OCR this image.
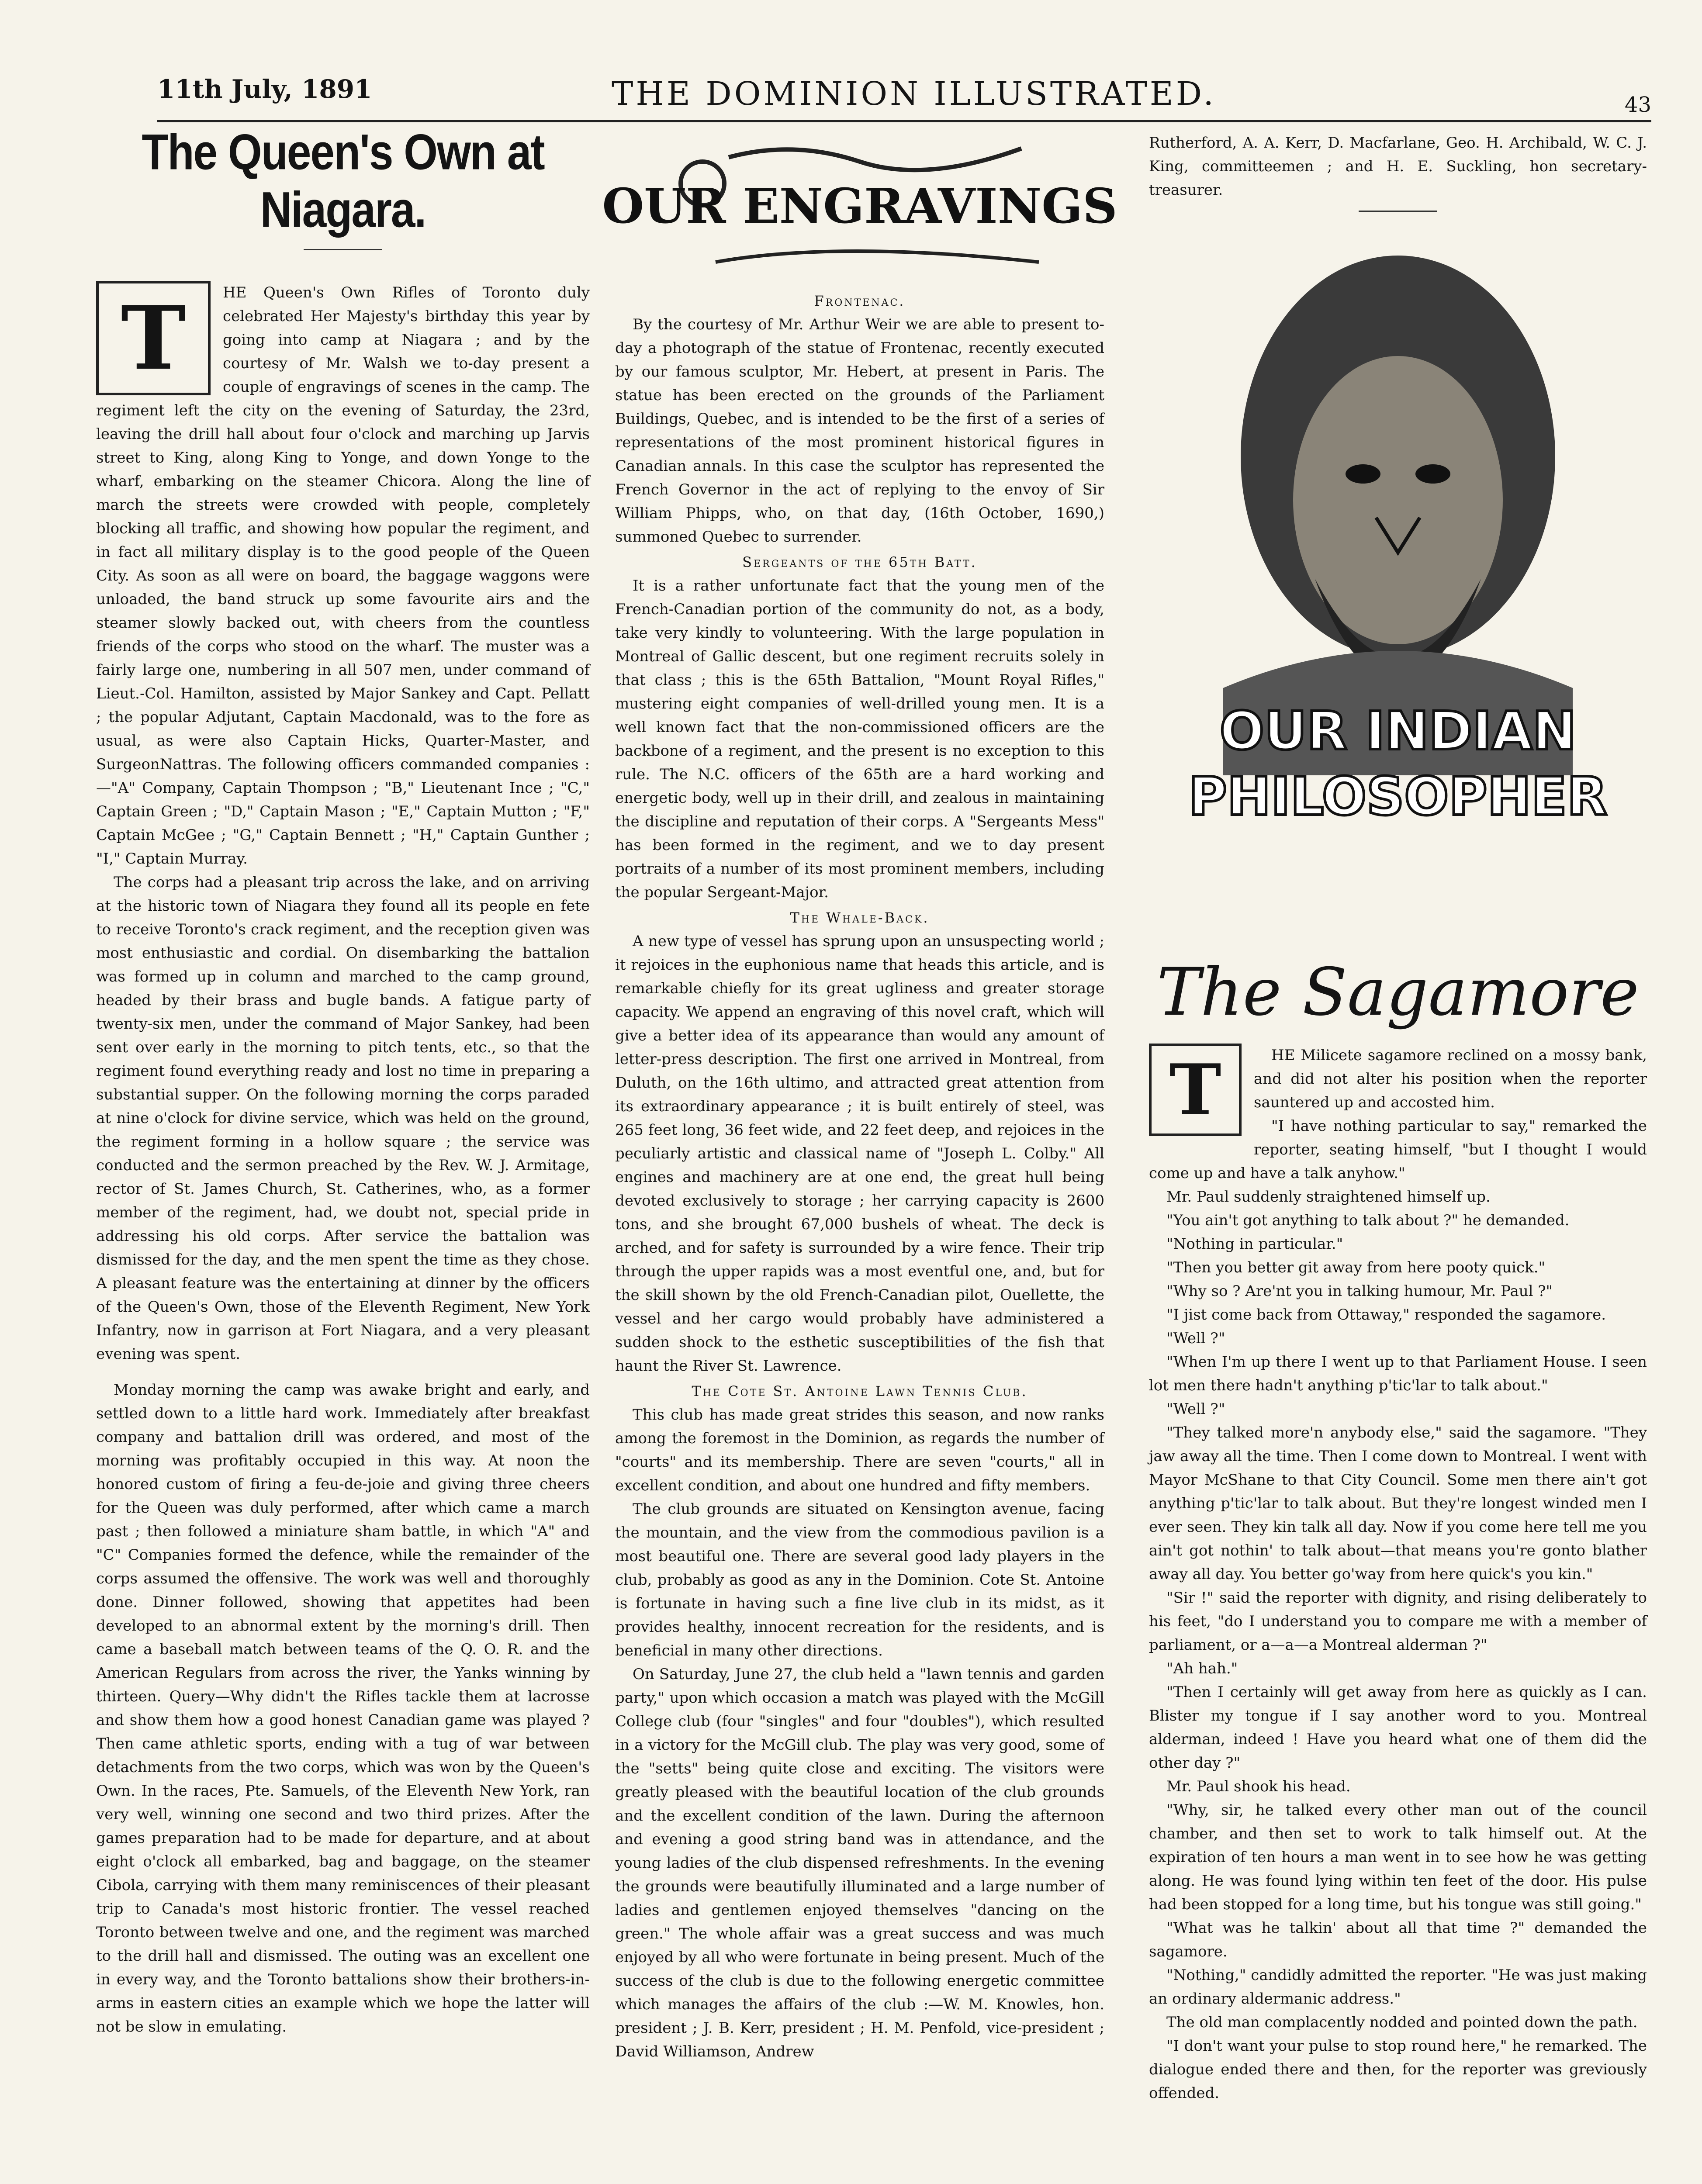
11th July, 1891	THE DOMINION ILLUSTRATED.	43
The Queen's Own at Niagara.
T	HE Queen's Own Rifles of Toronto duly celebrated Her Majesty's birthday this year by going into camp at Niagara ; and by the courtesy of Mr. Walsh we to-day present a couple of engravings of scenes in the camp. The regiment left the city on the evening of Saturday, the 23rd, leaving the drill hall about four o'clock and marching up Jarvis street to King, along King to Yonge, and down Yonge to the wharf, embarking on the steamer Chicora. Along the line of march the streets were crowded with people, completely blocking all traffic, and showing how popular the regiment, and in fact all military display is to the good people of the Queen City. As soon as all were on board, the baggage waggons were unloaded, the band struck up some favourite airs and the steamer slowly backed out, with cheers from the countless friends of the corps who stood on the wharf. The muster was a fairly large one, numbering in all 507 men, under command of Lieut.-Col. Hamilton, assisted by Major Sankey and Capt. Pellatt ; the popular Adjutant, Captain Macdonald, was to the fore as usual, as were also Captain Hicks, Quarter-Master, and SurgeonNattras. The following officers commanded companies :—"A" Company, Captain Thompson ; "B," Lieutenant Ince ; "C," Captain Green ; "D," Captain Mason ; "E," Captain Mutton ; "F," Captain McGee ; "G," Captain Bennett ; "H," Captain Gunther ; "I," Captain Murray.

The corps had a pleasant trip across the lake, and on arriving at the historic town of Niagara they found all its people en fete to receive Toronto's crack regiment, and the reception given was most enthusiastic and cordial. On disembarking the battalion was formed up in column and marched to the camp ground, headed by their brass and bugle bands. A fatigue party of twenty-six men, under the command of Major Sankey, had been sent over early in the morning to pitch tents, etc., so that the regiment found everything ready and lost no time in preparing a substantial supper. On the following morning the corps paraded at nine o'clock for divine service, which was held on the ground, the regiment forming in a hollow square ; the service was conducted and the sermon preached by the Rev. W. J. Armitage, rector of St. James Church, St. Catherines, who, as a former member of the regiment, had, we doubt not, special pride in addressing his old corps. After service the battalion was dismissed for the day, and the men spent the time as they chose. A pleasant feature was the entertaining at dinner by the officers of the Queen's Own, those of the Eleventh Regiment, New York Infantry, now in garrison at Fort Niagara, and a very pleasant evening was spent.

Monday morning the camp was awake bright and early, and settled down to a little hard work. Immediately after breakfast company and battalion drill was ordered, and most of the morning was profitably occupied in this way. At noon the honored custom of firing a feu-de-joie and giving three cheers for the Queen was duly performed, after which came a march past ; then followed a miniature sham battle, in which "A" and "C" Companies formed the defence, while the remainder of the corps assumed the offensive. The work was well and thoroughly done. Dinner followed, showing that appetites had been developed to an abnormal extent by the morning's drill. Then came a baseball match between teams of the Q. O. R. and the American Regulars from across the river, the Yanks winning by thirteen. Query—Why didn't the Rifles tackle them at lacrosse and show them how a good honest Canadian game was played ? Then came athletic sports, ending with a tug of war between detachments from the two corps, which was won by the Queen's Own. In the races, Pte. Samuels, of the Eleventh New York, ran very well, winning one second and two third prizes. After the games preparation had to be made for departure, and at about eight o'clock all embarked, bag and baggage, on the steamer Cibola, carrying with them many reminiscences of their pleasant trip to Canada's most historic frontier. The vessel reached Toronto between twelve and one, and the regiment was marched to the drill hall and dismissed. The outing was an excellent one in every way, and the Toronto battalions show their brothers-in-arms in eastern cities an example which we hope the latter will not be slow in emulating.

OUR ENGRAVINGS
Frontenac.

By the courtesy of Mr. Arthur Weir we are able to present to-day a photograph of the statue of Frontenac, recently executed by our famous sculptor, Mr. Hebert, at present in Paris. The statue has been erected on the grounds of the Parliament Buildings, Quebec, and is intended to be the first of a series of representations of the most prominent historical figures in Canadian annals. In this case the sculptor has represented the French Governor in the act of replying to the envoy of Sir William Phipps, who, on that day, (16th October, 1690,) summoned Quebec to surrender.

Sergeants of the 65th Batt.

It is a rather unfortunate fact that the young men of the French-Canadian portion of the community do not, as a body, take very kindly to volunteering. With the large population in Montreal of Gallic descent, but one regiment recruits solely in that class ; this is the 65th Battalion, "Mount Royal Rifles," mustering eight companies of well-drilled young men. It is a well known fact that the non-commissioned officers are the backbone of a regiment, and the present is no exception to this rule. The N.C. officers of the 65th are a hard working and energetic body, well up in their drill, and zealous in maintaining the discipline and reputation of their corps. A "Sergeants Mess" has been formed in the regiment, and we to day present portraits of a number of its most prominent members, including the popular Sergeant-Major.

The Whale-Back.

A new type of vessel has sprung upon an unsuspecting world ; it rejoices in the euphonious name that heads this article, and is remarkable chiefly for its great ugliness and greater storage capacity. We append an engraving of this novel craft, which will give a better idea of its appearance than would any amount of letter-press description. The first one arrived in Montreal, from Duluth, on the 16th ultimo, and attracted great attention from its extraordinary appearance ; it is built entirely of steel, was 265 feet long, 36 feet wide, and 22 feet deep, and rejoices in the peculiarly artistic and classical name of "Joseph L. Colby." All engines and machinery are at one end, the great hull being devoted exclusively to storage ; her carrying capacity is 2600 tons, and she brought 67,000 bushels of wheat. The deck is arched, and for safety is surrounded by a wire fence. Their trip through the upper rapids was a most eventful one, and, but for the skill shown by the old French-Canadian pilot, Ouellette, the vessel and her cargo would probably have administered a sudden shock to the esthetic susceptibilities of the fish that haunt the River St. Lawrence.

The Cote St. Antoine Lawn Tennis Club.

This club has made great strides this season, and now ranks among the foremost in the Dominion, as regards the number of "courts" and its membership. There are seven "courts," all in excellent condition, and about one hundred and fifty members.

The club grounds are situated on Kensington avenue, facing the mountain, and the view from the commodious pavilion is a most beautiful one. There are several good lady players in the club, probably as good as any in the Dominion. Cote St. Antoine is fortunate in having such a fine live club in its midst, as it provides healthy, innocent recreation for the residents, and is beneficial in many other directions.

On Saturday, June 27, the club held a "lawn tennis and garden party," upon which occasion a match was played with the McGill College club (four "singles" and four "doubles"), which resulted in a victory for the McGill club. The play was very good, some of the "setts" being quite close and exciting. The visitors were greatly pleased with the beautiful location of the club grounds and the excellent condition of the lawn. During the afternoon and evening a good string band was in attendance, and the young ladies of the club dispensed refreshments. In the evening the grounds were beautifully illuminated and a large number of ladies and gentlemen enjoyed themselves "dancing on the green." The whole affair was a great success and was much enjoyed by all who were fortunate in being present. Much of the success of the club is due to the following energetic committee which manages the affairs of the club :—W. M. Knowles, hon. president ; J. B. Kerr, president ; H. M. Penfold, vice-president ; David Williamson, Andrew

Rutherford, A. A. Kerr, D. Macfarlane, Geo. H. Archibald, W. C. J. King, committeemen ; and H. E. Suckling, hon secretary-treasurer.

OUR INDIAN
PHILOSOPHER
The Sagamore
T	HE Milicete sagamore reclined on a mossy bank, and did not alter his position when the reporter sauntered up and accosted him.

"I have nothing particular to say," remarked the reporter, seating himself, "but I thought I would come up and have a talk anyhow."

Mr. Paul suddenly straightened himself up.

"You ain't got anything to talk about ?" he demanded.

"Nothing in particular."

"Then you better git away from here pooty quick."

"Why so ? Are'nt you in talking humour, Mr. Paul ?"

"I jist come back from Ottaway," responded the sagamore.

"Well ?"

"When I'm up there I went up to that Parliament House. I seen lot men there hadn't anything p'tic'lar to talk about."

"Well ?"

"They talked more'n anybody else," said the sagamore. "They jaw away all the time. Then I come down to Montreal. I went with Mayor McShane to that City Council. Some men there ain't got anything p'tic'lar to talk about. But they're longest winded men I ever seen. They kin talk all day. Now if you come here tell me you ain't got nothin' to talk about—that means you're gonto blather away all day. You better go'way from here quick's you kin."

"Sir !" said the reporter with dignity, and rising deliberately to his feet, "do I understand you to compare me with a member of parliament, or a—a—a Montreal alderman ?"

"Ah hah."

"Then I certainly will get away from here as quickly as I can. Blister my tongue if I say another word to you. Montreal alderman, indeed ! Have you heard what one of them did the other day ?"

Mr. Paul shook his head.

"Why, sir, he talked every other man out of the council chamber, and then set to work to talk himself out. At the expiration of ten hours a man went in to see how he was getting along. He was found lying within ten feet of the door. His pulse had been stopped for a long time, but his tongue was still going."

"What was he talkin' about all that time ?" demanded the sagamore.

"Nothing," candidly admitted the reporter. "He was just making an ordinary aldermanic address."

The old man complacently nodded and pointed down the path.

"I don't want your pulse to stop round here," he remarked. The dialogue ended there and then, for the reporter was greviously offended.
